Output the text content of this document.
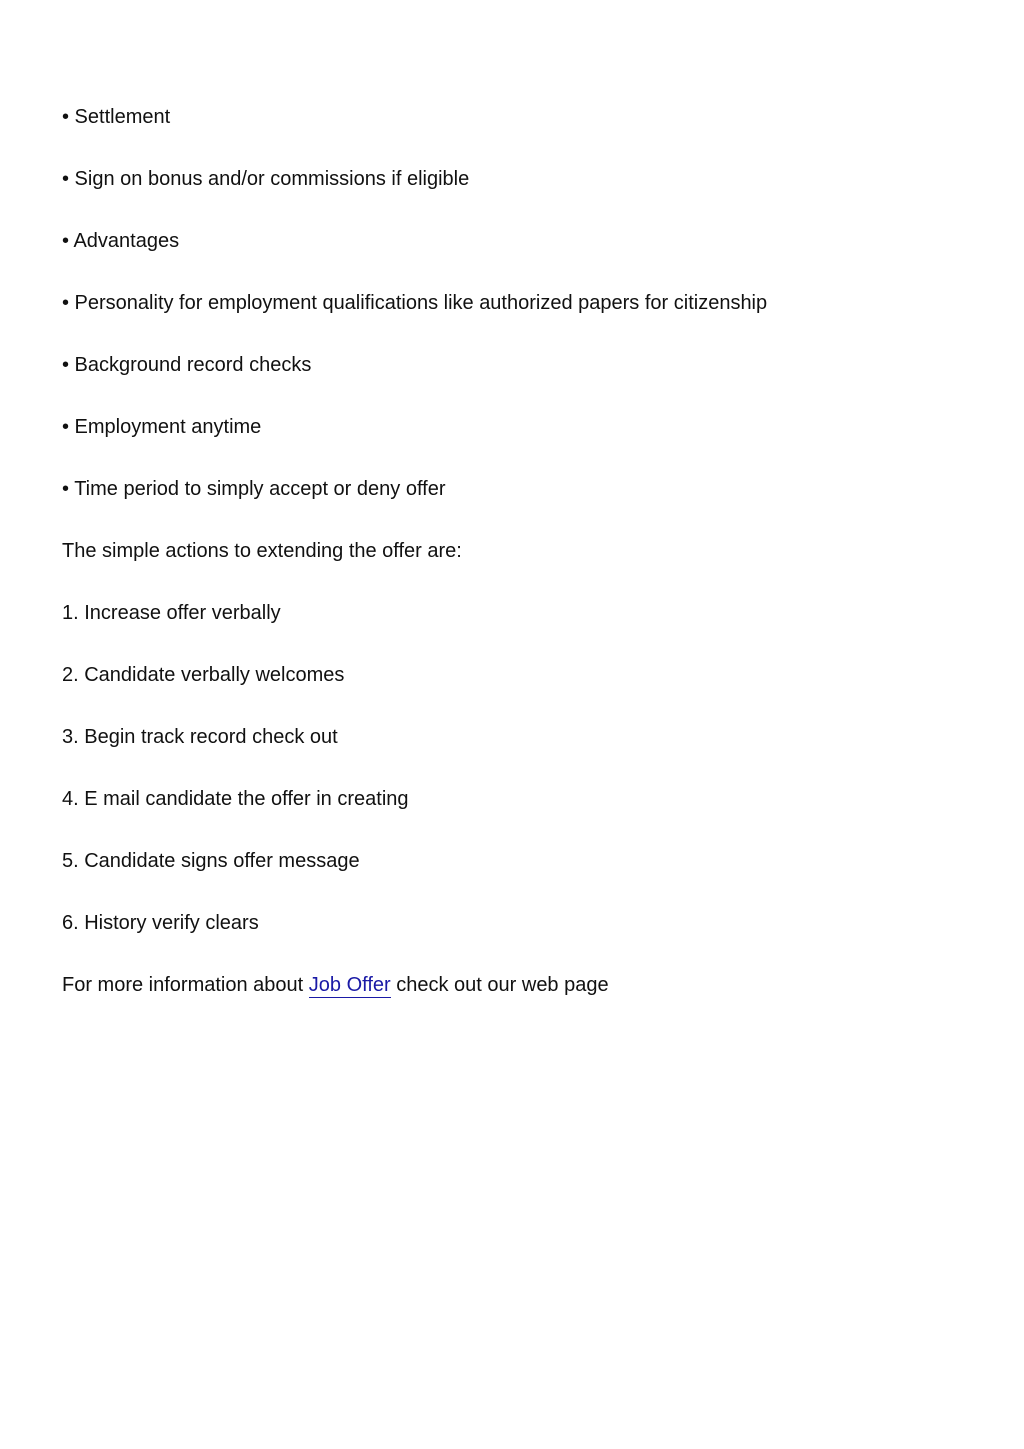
• Settlement
• Sign on bonus and/or commissions if eligible
• Advantages
• Personality for employment qualifications like authorized papers for citizenship
• Background record checks
• Employment anytime
• Time period to simply accept or deny offer
The simple actions to extending the offer are:
1. Increase offer verbally
2. Candidate verbally welcomes
3. Begin track record check out
4. E mail candidate the offer in creating
5. Candidate signs offer message
6. History verify clears
For more information about Job Offer check out our web page
